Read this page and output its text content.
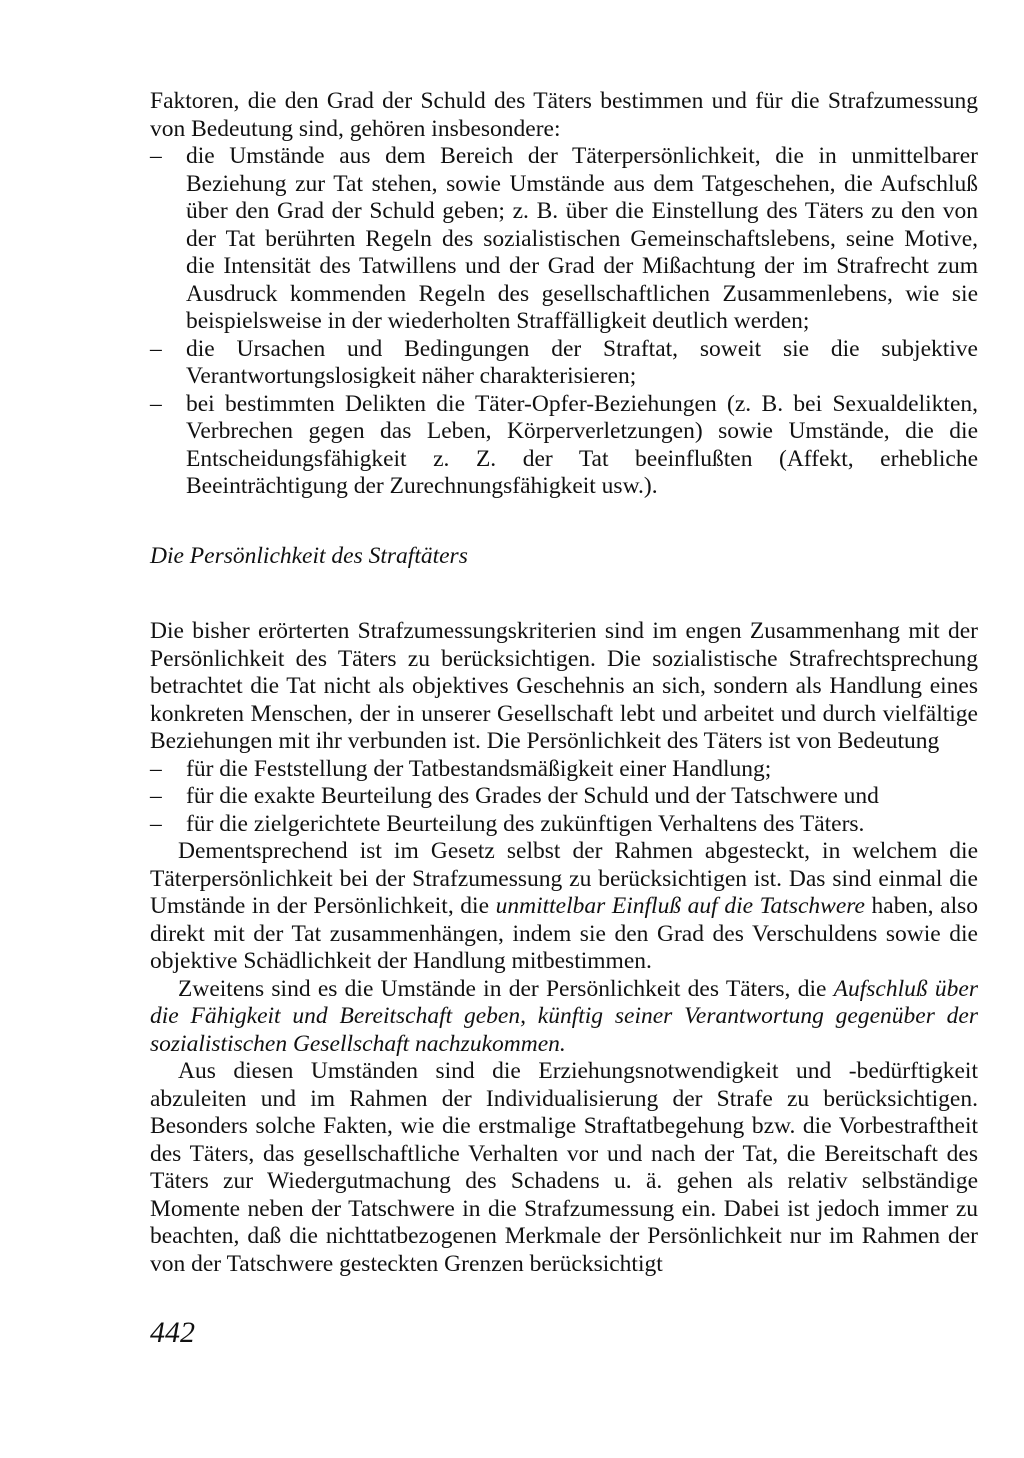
Faktoren, die den Grad der Schuld des Täters bestimmen und für die Strafzumessung von Bedeutung sind, gehören insbesondere:

– die Umstände aus dem Bereich der Täterpersönlichkeit, die in unmittelbarer Beziehung zur Tat stehen, sowie Umstände aus dem Tatgeschehen, die Aufschluß über den Grad der Schuld geben; z. B. über die Einstellung des Täters zu den von der Tat berührten Regeln des sozialistischen Gemeinschaftslebens, seine Motive, die Intensität des Tatwillens und der Grad der Mißachtung der im Strafrecht zum Ausdruck kommenden Regeln des gesellschaftlichen Zusammenlebens, wie sie beispielsweise in der wiederholten Straffälligkeit deutlich werden;
– die Ursachen und Bedingungen der Straftat, soweit sie die subjektive Verantwortungslosigkeit näher charakterisieren;
– bei bestimmten Delikten die Täter-Opfer-Beziehungen (z. B. bei Sexualdelikten, Verbrechen gegen das Leben, Körperverletzungen) sowie Umstände, die die Entscheidungsfähigkeit z. Z. der Tat beeinflußten (Affekt, erhebliche Beeinträchtigung der Zurechnungsfähigkeit usw.).

Die Persönlichkeit des Straftäters

Die bisher erörterten Strafzumessungskriterien sind im engen Zusammenhang mit der Persönlichkeit des Täters zu berücksichtigen. Die sozialistische Strafrechtsprechung betrachtet die Tat nicht als objektives Geschehnis an sich, sondern als Handlung eines konkreten Menschen, der in unserer Gesellschaft lebt und arbeitet und durch vielfältige Beziehungen mit ihr verbunden ist. Die Persönlichkeit des Täters ist von Bedeutung

– für die Feststellung der Tatbestandsmäßigkeit einer Handlung;
– für die exakte Beurteilung des Grades der Schuld und der Tatschwere und
– für die zielgerichtete Beurteilung des zukünftigen Verhaltens des Täters.

Dementsprechend ist im Gesetz selbst der Rahmen abgesteckt, in welchem die Täterpersönlichkeit bei der Strafzumessung zu berücksichtigen ist. Das sind einmal die Umstände in der Persönlichkeit, die unmittelbar Einfluß auf die Tatschwere haben, also direkt mit der Tat zusammenhängen, indem sie den Grad des Verschuldens sowie die objektive Schädlichkeit der Handlung mitbestimmen.

Zweitens sind es die Umstände in der Persönlichkeit des Täters, die Aufschluß über die Fähigkeit und Bereitschaft geben, künftig seiner Verantwortung gegenüber der sozialistischen Gesellschaft nachzukommen.

Aus diesen Umständen sind die Erziehungsnotwendigkeit und -bedürftigkeit abzuleiten und im Rahmen der Individualisierung der Strafe zu berücksichtigen. Besonders solche Fakten, wie die erstmalige Straftatbegehung bzw. die Vorbestraftheit des Täters, das gesellschaftliche Verhalten vor und nach der Tat, die Bereitschaft des Täters zur Wiedergutmachung des Schadens u. ä. gehen als relativ selbständige Momente neben der Tatschwere in die Strafzumessung ein. Dabei ist jedoch immer zu beachten, daß die nichttatbezogenen Merkmale der Persönlichkeit nur im Rahmen der von der Tatschwere gesteckten Grenzen berücksichtigt

442
